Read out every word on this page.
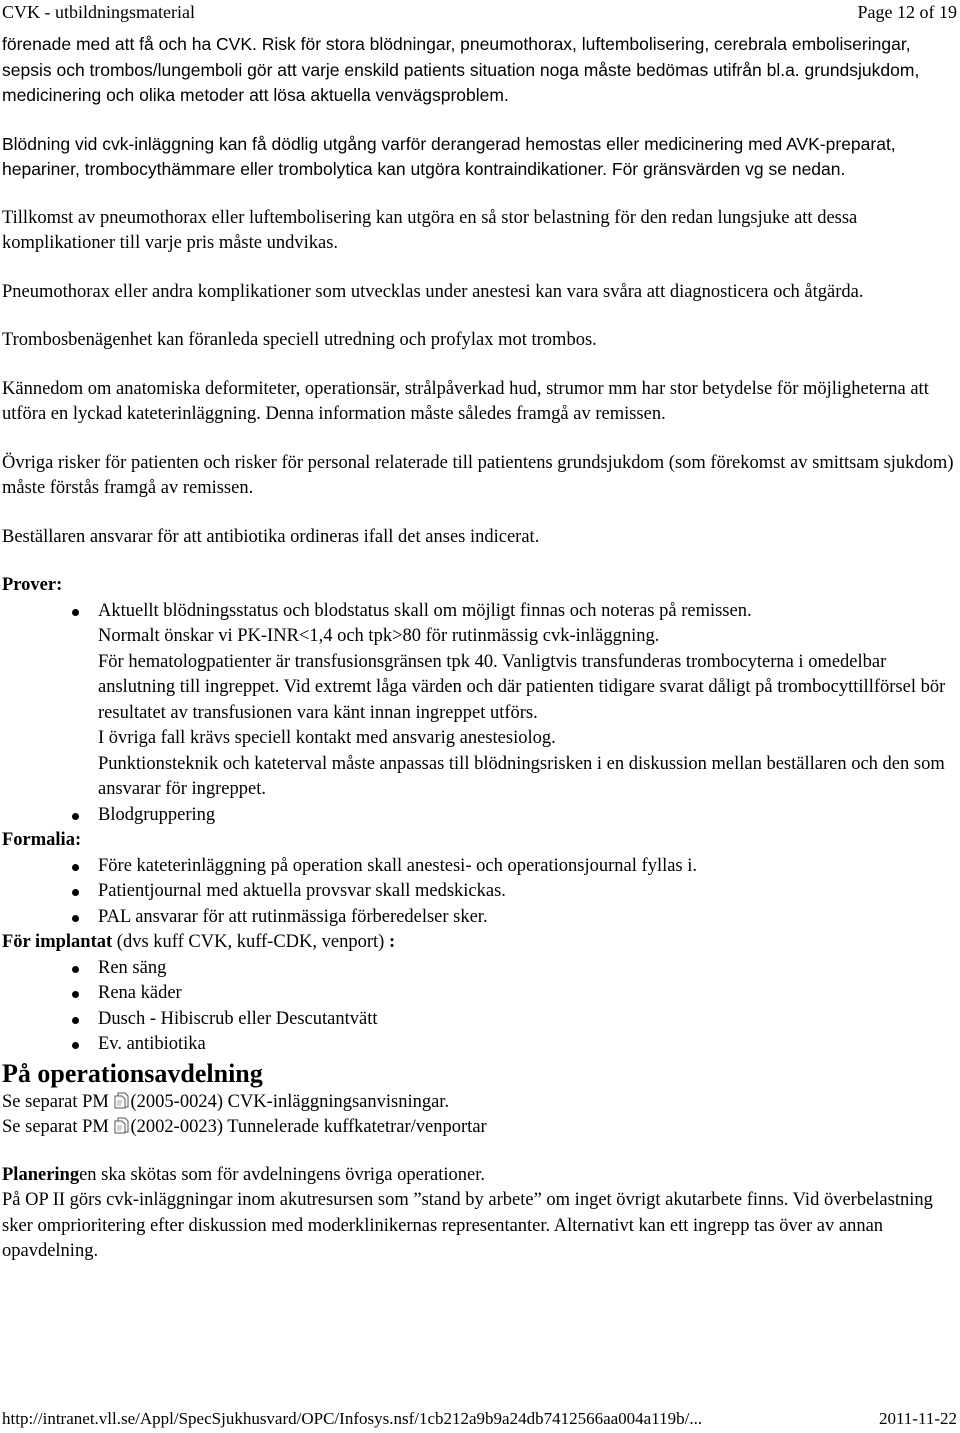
CVK - utbildningsmaterial	Page 12 of 19

förenade med att få och ha CVK. Risk för stora blödningar, pneumothorax, luftembolisering, cerebrala emboliseringar, sepsis och trombos/lungemboli gör att varje enskild patients situation noga måste bedömas utifrån bl.a. grundsjukdom, medicinering och olika metoder att lösa aktuella venvägsproblem.

Blödning vid cvk-inläggning kan få dödlig utgång varför derangerad hemostas eller medicinering med AVK-preparat, hepariner, trombocythämmare eller trombolytica kan utgöra kontraindikationer. För gränsvärden vg se nedan.

Tillkomst av pneumothorax eller luftembolisering kan utgöra en så stor belastning för den redan lungsjuke att dessa komplikationer till varje pris måste undvikas.

Pneumothorax eller andra komplikationer som utvecklas under anestesi kan vara svåra att diagnosticera och åtgärda.

Trombosbenägenhet kan föranleda speciell utredning och profylax mot trombos.

Kännedom om anatomiska deformiteter, operationsär, strålpåverkad hud, strumor mm har stor betydelse för möjligheterna att utföra en lyckad kateterinläggning. Denna information måste således framgå av remissen.

Övriga risker för patienten och risker för personal relaterade till patientens grundsjukdom (som förekomst av smittsam sjukdom) måste förstås framgå av remissen.

Beställaren ansvarar för att antibiotika ordineras ifall det anses indicerat.

Prover:
Aktuellt blödningsstatus och blodstatus skall om möjligt finnas och noteras på remissen.
Normalt önskar vi PK-INR<1,4 och tpk>80 för rutinmässig cvk-inläggning.
För hematologpatienter är transfusionsgränsen tpk 40. Vanligtvis transfunderas trombocyterna i omedelbar anslutning till ingreppet. Vid extremt låga värden och där patienten tidigare svarat dåligt på trombocyttillförsel bör resultatet av transfusionen vara känt innan ingreppet utförs.
I övriga fall krävs speciell kontakt med ansvarig anestesiolog.
Punktionsteknik och kateterval måste anpassas till blödningsrisken i en diskussion mellan beställaren och den som ansvarar för ingreppet.
Blodgruppering
Formalia:
Före kateterinläggning på operation skall anestesi- och operationsjournal fyllas i.
Patientjournal med aktuella provsvar skall medskickas.
PAL ansvarar för att rutinmässiga förberedelser sker.
För implantat (dvs kuff CVK, kuff-CDK, venport) :
Ren säng
Rena käder
Dusch - Hibiscrub eller Descutantvätt
Ev. antibiotika
På operationsavdelning
Se separat PM (2005-0024) CVK-inläggningsanvisningar.
Se separat PM (2002-0023) Tunnelerade kuffkatetrar/venportar
Planeringen ska skötas som för avdelningens övriga operationer.
På OP II görs cvk-inläggningar inom akutresursen som ”stand by arbete” om inget övrigt akutarbete finns. Vid överbelastning sker omprioritering efter diskussion med moderklinikernas representanter. Alternativt kan ett ingrepp tas över av annan opavdelning.
http://intranet.vll.se/Appl/SpecSjukhusvard/OPC/Infosys.nsf/1cb212a9b9a24db7412566aa004a119b/...	2011-11-22
